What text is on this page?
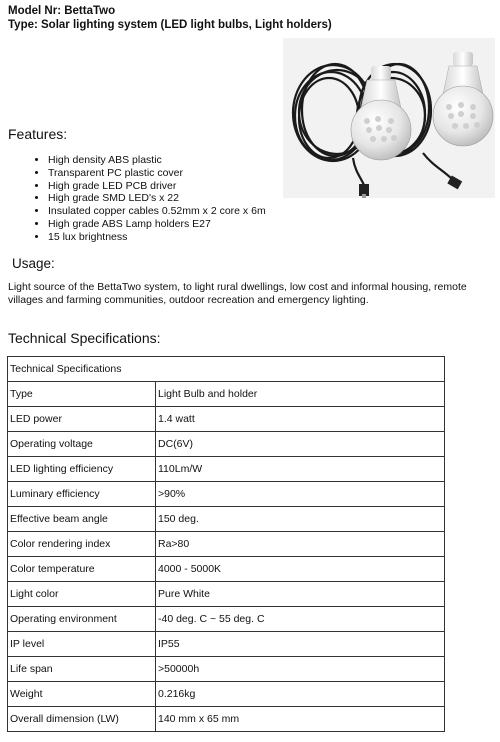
Model Nr: BettaTwo
Type: Solar lighting system (LED light bulbs, Light holders)
Features:
• High density ABS plastic
• Transparent PC plastic cover
• High grade LED PCB driver
• High grade SMD LED's x 22
• Insulated copper cables 0.52mm x 2 core x 6m
• High grade ABS Lamp holders E27
• 15 lux brightness
Usage:
Light source of the BettaTwo system, to light rural dwellings, low cost and informal housing, remote villages and farming communities, outdoor recreation and emergency lighting.
Technical Specifications:
Technical Specifications	
Type	Light Bulb and holder
LED power	1.4 watt
Operating voltage	DC(6V)
LED lighting efficiency	110Lm/W
Luminary efficiency	>90%
Effective beam angle	150 deg.
Color rendering index	Ra>80
Color temperature	4000 - 5000K
Light color	Pure White
Operating environment	-40 deg. C ~ 55 deg. C
IP level	IP55
Life span	>50000h
Weight	0.216kg
Overall dimension (LW)	140 mm x 65 mm
